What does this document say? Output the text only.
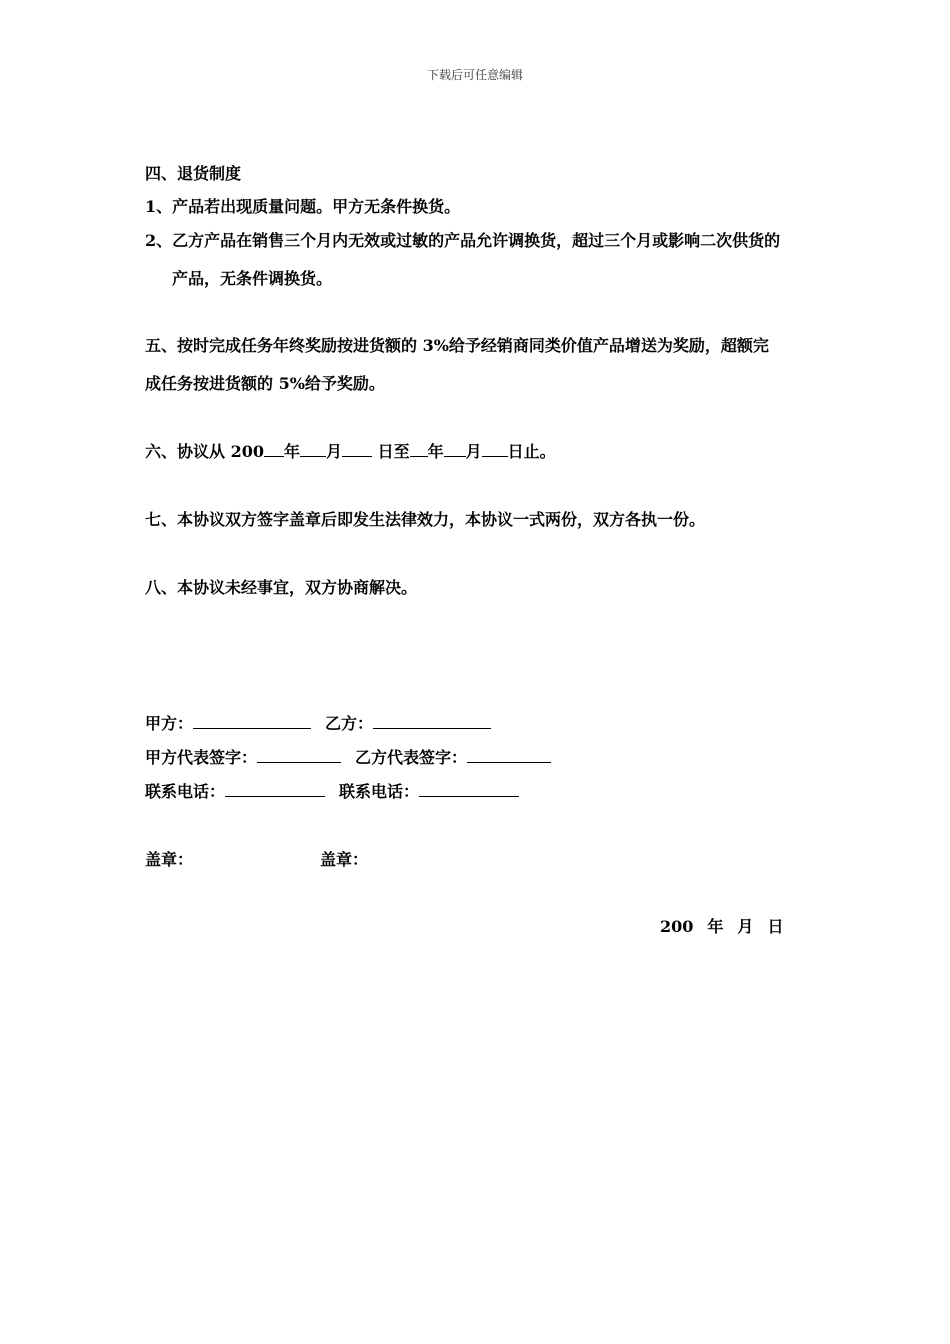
下载后可任意编辑
四、退货制度
1、产品若出现质量问题。甲方无条件换货。
2、乙方产品在销售三个月内无效或过敏的产品允许调换货，超过三个月或影响二次供货的
产品，无条件调换货。
五、按时完成任务年终奖励按进货额的 3%给予经销商同类价值产品增送为奖励，超额完
成任务按进货额的 5%给予奖励。
六、协议从 200 年 月 日至 年 月 日止。
七、本协议双方签字盖章后即发生法律效力，本协议一式两份，双方各执一份。
八、本协议未经事宜，双方协商解决。
甲方：	乙方：
甲方代表签字：	乙方代表签字：
联系电话：	联系电话：
盖章：	盖章：
200 年 月 日
